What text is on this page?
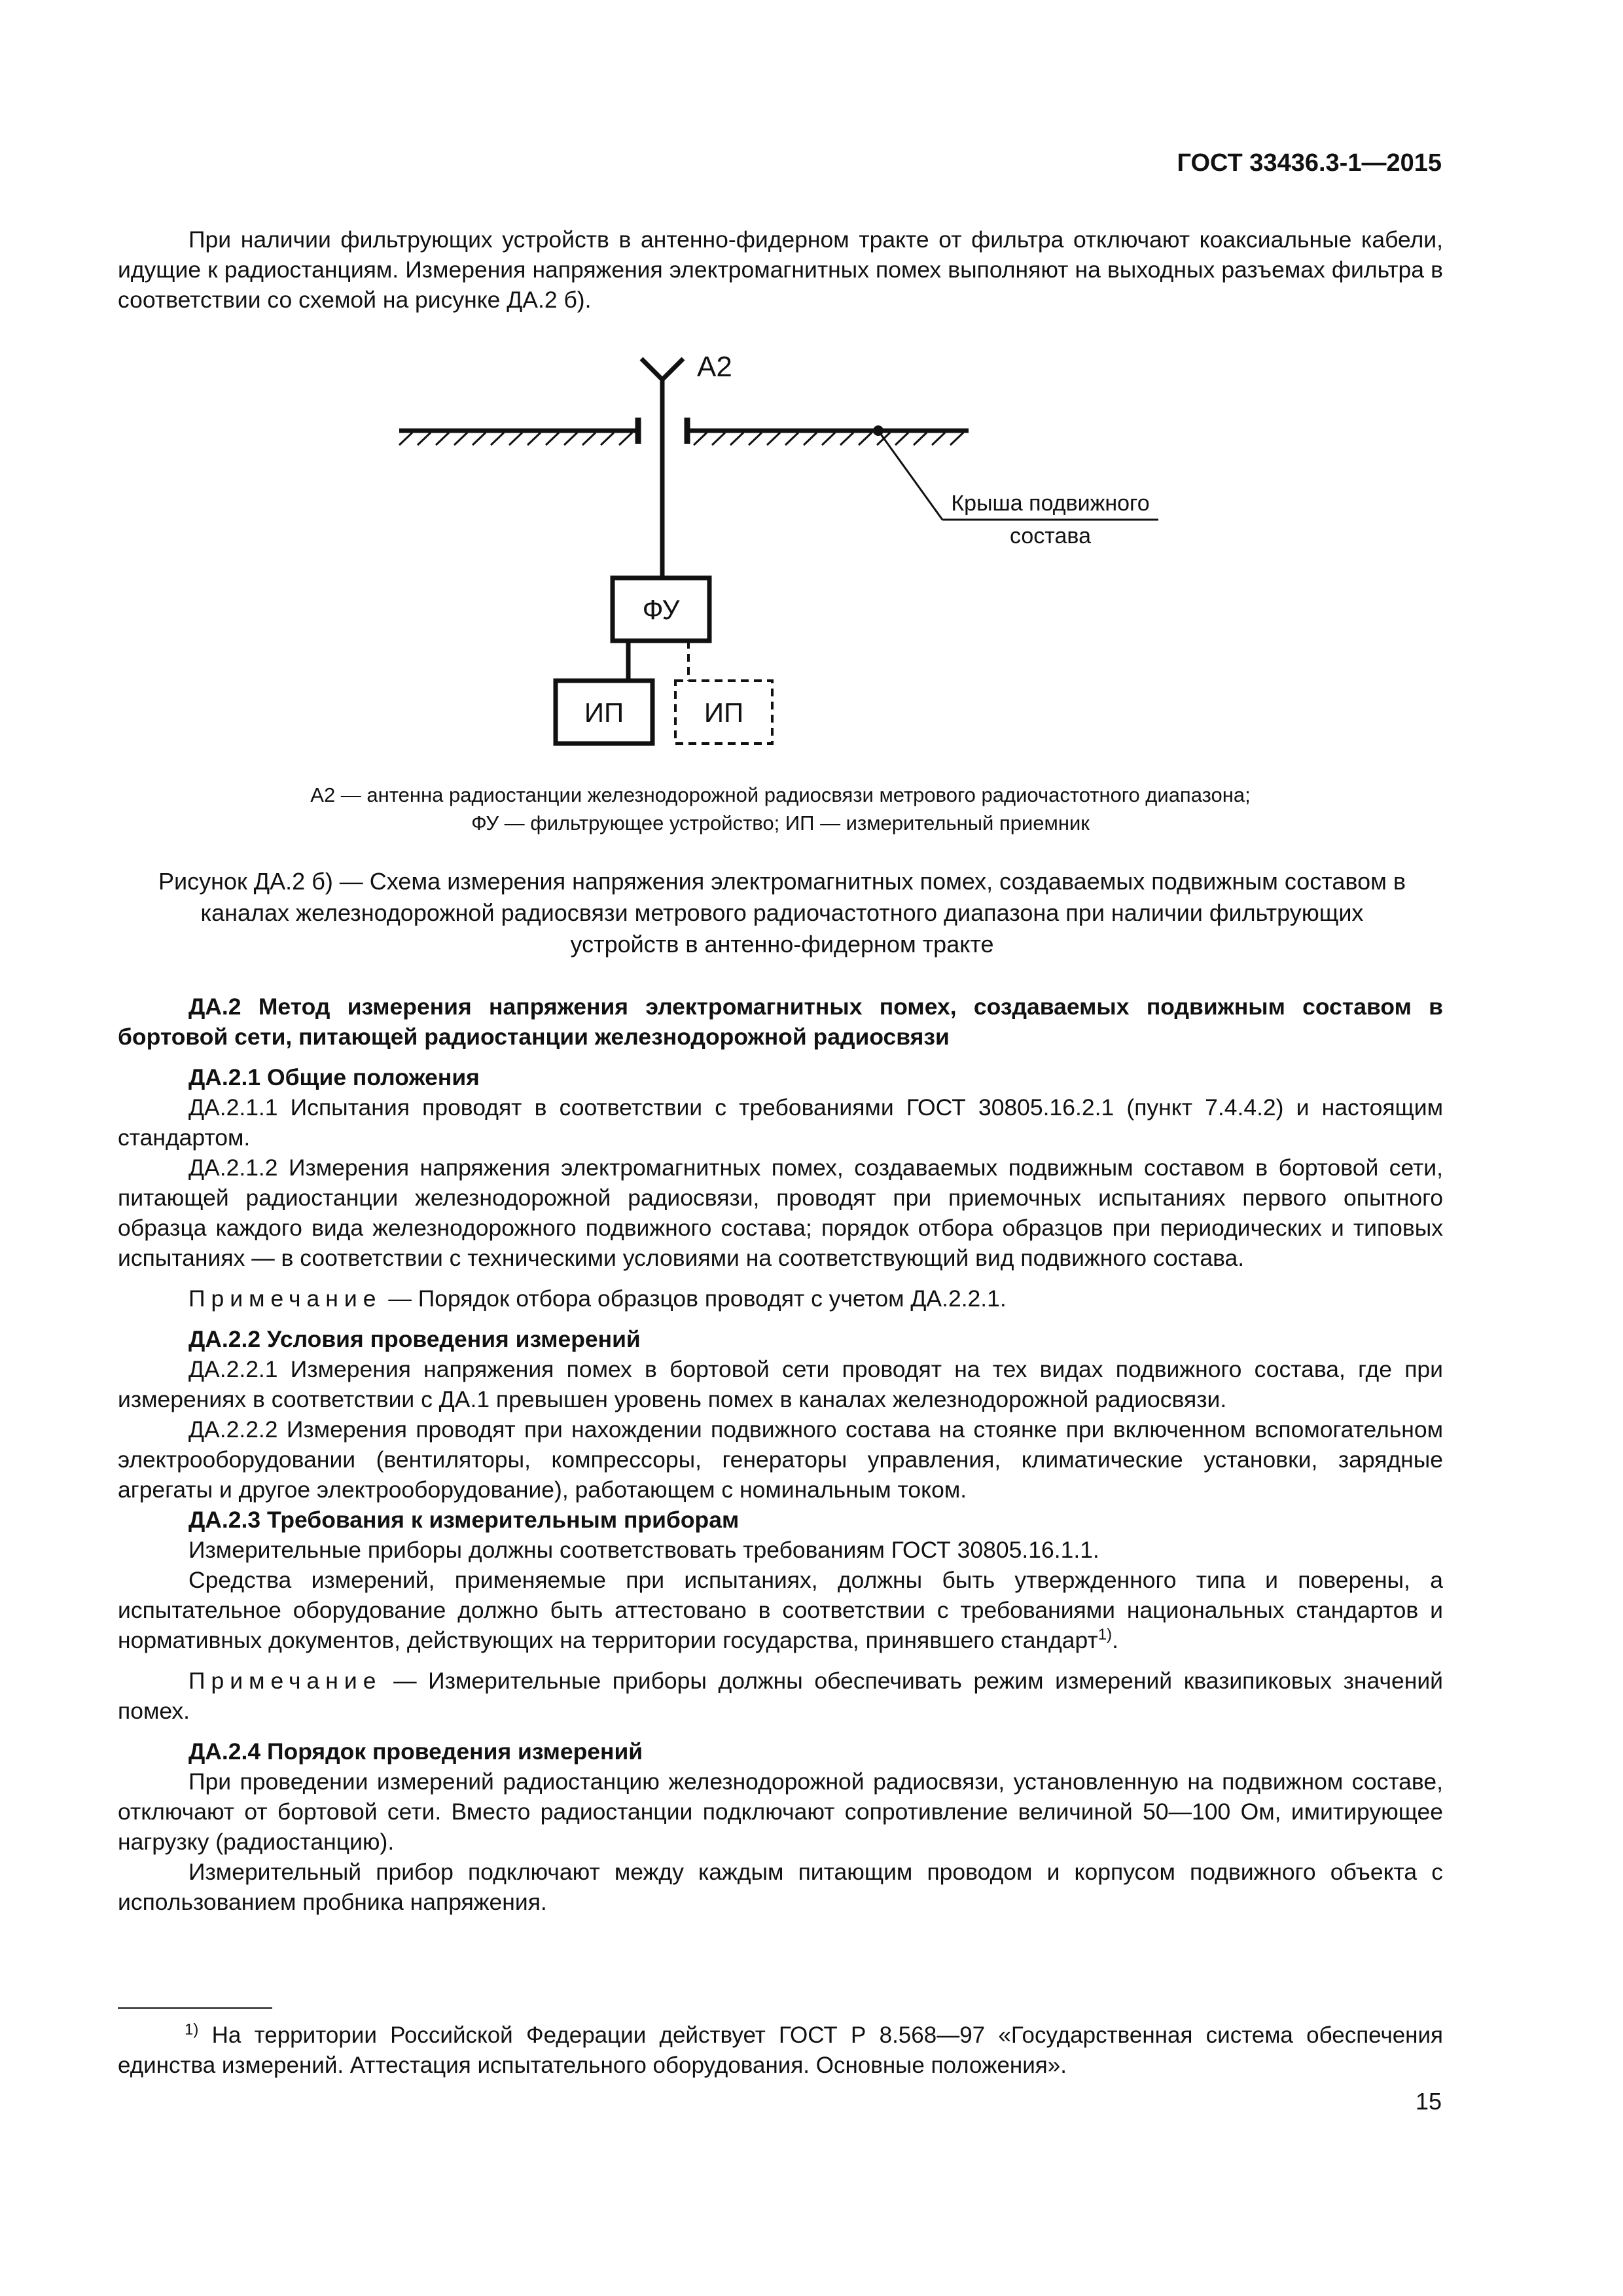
ГОСТ 33436.3-1—2015

При наличии фильтрующих устройств в антенно-фидерном тракте от фильтра отключают коаксиальные кабели, идущие к радиостанциям. Измерения напряжения электромагнитных помех выполняют на выходных разъемах фильтра в соответствии со схемой на рисунке ДА.2 б).

А2
Крыша подвижного
состава
ФУ
ИП	ИП
А2 — антенна радиостанции железнодорожной радиосвязи метрового радиочастотного диапазона;
ФУ — фильтрующее устройство; ИП — измерительный приемник
Рисунок ДА.2 б) — Схема измерения напряжения электромагнитных помех, создаваемых подвижным составом в каналах железнодорожной радиосвязи метрового радиочастотного диапазона при наличии фильтрующих устройств в антенно-фидерном тракте

ДА.2 Метод измерения напряжения электромагнитных помех, создаваемых подвижным составом в бортовой сети, питающей радиостанции железнодорожной радиосвязи

ДА.2.1 Общие положения

ДА.2.1.1 Испытания проводят в соответствии с требованиями ГОСТ 30805.16.2.1 (пункт 7.4.4.2) и настоящим стандартом.

ДА.2.1.2 Измерения напряжения электромагнитных помех, создаваемых подвижным составом в бортовой сети, питающей радиостанции железнодорожной радиосвязи, проводят при приемочных испытаниях первого опытного образца каждого вида железнодорожного подвижного состава; порядок отбора образцов при периодических и типовых испытаниях — в соответствии с техническими условиями на соответствующий вид подвижного состава.

Примечание — Порядок отбора образцов проводят с учетом ДА.2.2.1.

ДА.2.2 Условия проведения измерений

ДА.2.2.1 Измерения напряжения помех в бортовой сети проводят на тех видах подвижного состава, где при измерениях в соответствии с ДА.1 превышен уровень помех в каналах железнодорожной радиосвязи.

ДА.2.2.2 Измерения проводят при нахождении подвижного состава на стоянке при включенном вспомогательном электрооборудовании (вентиляторы, компрессоры, генераторы управления, климатические установки, зарядные агрегаты и другое электрооборудование), работающем с номинальным током.

ДА.2.3 Требования к измерительным приборам

Измерительные приборы должны соответствовать требованиям ГОСТ 30805.16.1.1.

Средства измерений, применяемые при испытаниях, должны быть утвержденного типа и поверены, а испытательное оборудование должно быть аттестовано в соответствии с требованиями национальных стандартов и нормативных документов, действующих на территории государства, принявшего стандарт$^{1)}$.

Примечание — Измерительные приборы должны обеспечивать режим измерений квазипиковых значений помех.

ДА.2.4 Порядок проведения измерений

При проведении измерений радиостанцию железнодорожной радиосвязи, установленную на подвижном составе, отключают от бортовой сети. Вместо радиостанции подключают сопротивление величиной 50—100 Ом, имитирующее нагрузку (радиостанцию).

Измерительный прибор подключают между каждым питающим проводом и корпусом подвижного объекта с использованием пробника напряжения.

$^{1)}$ На территории Российской Федерации действует ГОСТ Р 8.568—97 «Государственная система обеспечения единства измерений. Аттестация испытательного оборудования. Основные положения».

15
